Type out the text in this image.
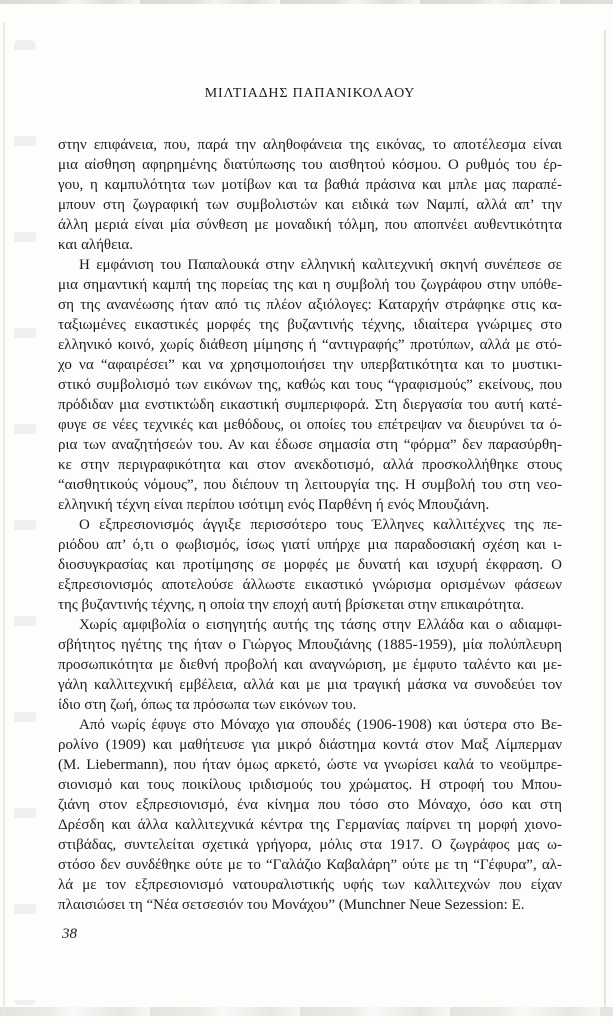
ΜΙΛΤΙΑΔΗΣ ΠΑΠΑΝΙΚΟΛΑΟΥ
στην επιφάνεια, που, παρά την αληθοφάνεια της εικόνας, το αποτέλεσμα είναι
μια αίσθηση αφηρημένης διατύπωσης του αισθητού κόσμου. Ο ρυθμός του έρ-
γου, η καμπυλότητα των μοτίβων και τα βαθιά πράσινα και μπλε μας παραπέ-
μπουν στη ζωγραφική των συμβολιστών και ειδικά των Ναμπί, αλλά απ’ την
άλλη μεριά είναι μία σύνθεση με μοναδική τόλμη, που αποπνέει αυθεντικότητα
και αλήθεια.
Η εμφάνιση του Παπαλουκά στην ελληνική καλιτεχνική σκηνή συνέπεσε σε
μια σημαντική καμπή της πορείας της και η συμβολή του ζωγράφου στην υπόθε-
ση της ανανέωσης ήταν από τις πλέον αξιόλογες: Καταρχήν στράφηκε στις κα-
ταξιωμένες εικαστικές μορφές της βυζαντινής τέχνης, ιδιαίτερα γνώριμες στο
ελληνικό κοινό, χωρίς διάθεση μίμησης ή “αντιγραφής” προτύπων, αλλά με στό-
χο να “αφαιρέσει” και να χρησιμοποιήσει την υπερβατικότητα και το μυστικι-
στικό συμβολισμό των εικόνων της, καθώς και τους “γραφισμούς” εκείνους, που
πρόδιδαν μια ενστικτώδη εικαστική συμπεριφορά. Στη διεργασία του αυτή κατέ-
φυγε σε νέες τεχνικές και μεθόδους, οι οποίες του επέτρεψαν να διευρύνει τα ό-
ρια των αναζητήσεών του. Αν και έδωσε σημασία στη “φόρμα” δεν παρασύρθη-
κε στην περιγραφικότητα και στον ανεκδοτισμό, αλλά προσκολλήθηκε στους
“αισθητικούς νόμους”, που διέπουν τη λειτουργία της. Η συμβολή του στη νεο-
ελληνική τέχνη είναι περίπου ισότιμη ενός Παρθένη ή ενός Μπουζιάνη.
Ο εξπρεσιονισμός άγγιξε περισσότερο τους Έλληνες καλλιτέχνες της πε-
ριόδου απ’ ό,τι ο φωβισμός, ίσως γιατί υπήρχε μια παραδοσιακή σχέση και ι-
διοσυγκρασίας και προτίμησης σε μορφές με δυνατή και ισχυρή έκφραση. Ο
εξπρεσιονισμός αποτελούσε άλλωστε εικαστικό γνώρισμα ορισμένων φάσεων
της βυζαντινής τέχνης, η οποία την εποχή αυτή βρίσκεται στην επικαιρότητα.
Χωρίς αμφιβολία ο εισηγητής αυτής της τάσης στην Ελλάδα και ο αδιαμφι-
σβήτητος ηγέτης της ήταν ο Γιώργος Μπουζιάνης (1885-1959), μία πολύπλευρη
προσωπικότητα με διεθνή προβολή και αναγνώριση, με έμφυτο ταλέντο και με-
γάλη καλλιτεχνική εμβέλεια, αλλά και με μια τραγική μάσκα να συνοδεύει τον
ίδιο στη ζωή, όπως τα πρόσωπα των εικόνων του.
Από νωρίς έφυγε στο Μόναχο για σπουδές (1906-1908) και ύστερα στο Βε-
ρολίνο (1909) και μαθήτευσε για μικρό διάστημα κοντά στον Μαξ Λίμπερμαν
(M. Liebermann), που ήταν όμως αρκετό, ώστε να γνωρίσει καλά το νεοϋμπρε-
σιονισμό και τους ποικίλους ιριδισμούς του χρώματος. Η στροφή του Μπου-
ζιάνη στον εξπρεσιονισμό, ένα κίνημα που τόσο στο Μόναχο, όσο και στη
Δρέσδη και άλλα καλλιτεχνικά κέντρα της Γερμανίας παίρνει τη μορφή χιονο-
στιβάδας, συντελείται σχετικά γρήγορα, μόλις στα 1917. Ο ζωγράφος μας ω-
στόσο δεν συνδέθηκε ούτε με το “Γαλάζιο Καβαλάρη” ούτε με τη “Γέφυρα”, αλ-
λά με τον εξπρεσιονισμό νατουραλιστικής υφής των καλλιτεχνών που είχαν
πλαισιώσει τη “Νέα σετσεσιόν του Μονάχου” (Munchner Neue Sezession: E.
38
